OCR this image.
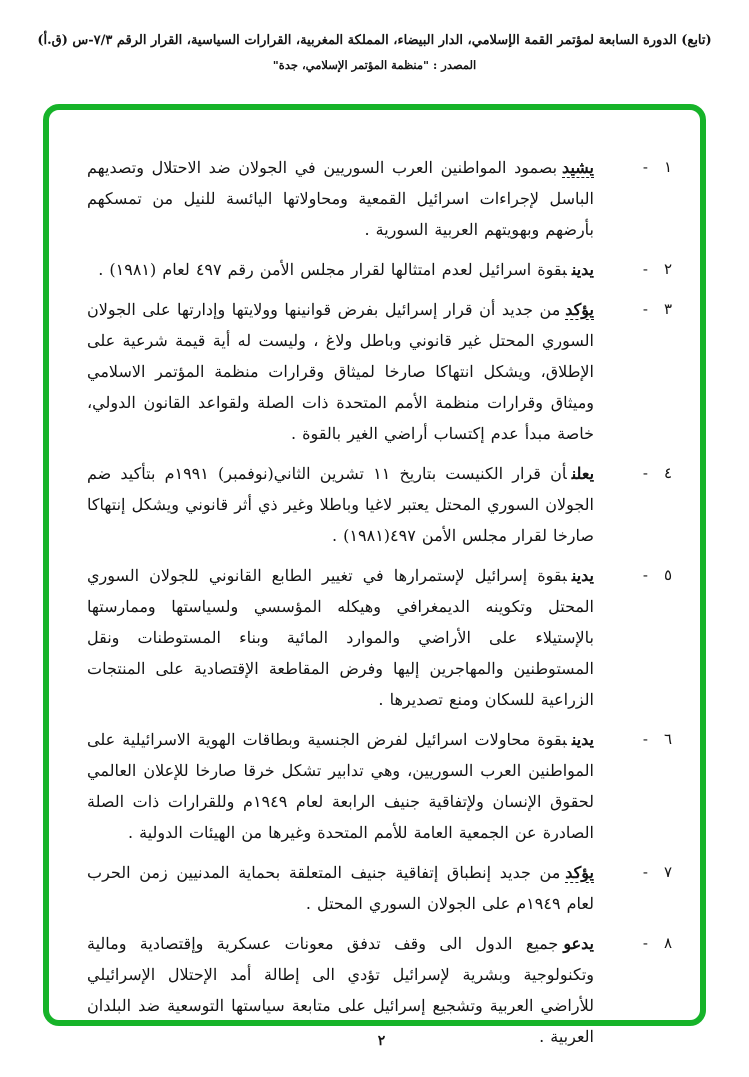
(تابع) الدورة السابعة لمؤتمر القمة الإسلامي، الدار البيضاء، المملكة المغربية، القرارات السياسية، القرار الرقم ٧/٣-س (ق.أ)
المصدر : "منظمة المؤتمر الإسلامي، جدة"
١
-
يشيدبصمود المواطنين العرب السوريين في الجولان ضد الاحتلال وتصديهم الباسل لإجراءات اسرائيل القمعية ومحاولاتها اليائسة للنيل من تمسكهم بأرضهم وبهويتهم العربية السورية .
٢
-
يدينبقوة اسرائيل لعدم امتثالها لقرار مجلس الأمن رقم ٤٩٧ لعام (١٩٨١) .
٣
-
يؤكدمن جديد أن قرار إسرائيل بفرض قوانينها وولايتها وإدارتها على الجولان السوري المحتل غير قانوني وباطل ولاغ ، وليست له أية قيمة شرعية على الإطلاق، ويشكل انتهاكا صارخا لميثاق وقرارات منظمة المؤتمر الاسلامي وميثاق وقرارات منظمة الأمم المتحدة ذات الصلة ولقواعد القانون الدولي، خاصة مبدأ عدم إكتساب أراضي الغير بالقوة .
٤
-
يعلنأن قرار الكنيست بتاريخ ١١ تشرين الثاني(نوفمبر) ١٩٩١م بتأكيد ضم الجولان السوري المحتل يعتبر لاغيا وباطلا وغير ذي أثر قانوني ويشكل إنتهاكا صارخا لقرار مجلس الأمن ٤٩٧(١٩٨١) .
٥
-
يدينبقوة إسرائيل لإستمرارها في تغيير الطابع القانوني للجولان السوري المحتل وتكوينه الديمغرافي وهيكله المؤسسي ولسياستها وممارستها بالإستيلاء على الأراضي والموارد المائية وبناء المستوطنات ونقل المستوطنين والمهاجرين إليها وفرض المقاطعة الإقتصادية على المنتجات الزراعية للسكان ومنع تصديرها .
٦
-
يدينبقوة محاولات اسرائيل لفرض الجنسية وبطاقات الهوية الاسرائيلية على المواطنين العرب السوريين، وهي تدابير تشكل خرقا صارخا للإعلان العالمي لحقوق الإنسان ولإتفاقية جنيف الرابعة لعام ١٩٤٩م وللقرارات ذات الصلة الصادرة عن الجمعية العامة للأمم المتحدة وغيرها من الهيئات الدولية .
٧
-
يؤكدمن جديد إنطباق إتفاقية جنيف المتعلقة بحماية المدنيين زمن الحرب لعام ١٩٤٩م على الجولان السوري المحتل .
٨
-
يدعوجميع الدول الى وقف تدفق معونات عسكرية وإقتصادية ومالية وتكنولوجية وبشرية لإسرائيل تؤدي الى إطالة أمد الإحتلال الإسرائيلي للأراضي العربية وتشجيع إسرائيل على متابعة سياستها التوسعية ضد البلدان العربية .
٢
